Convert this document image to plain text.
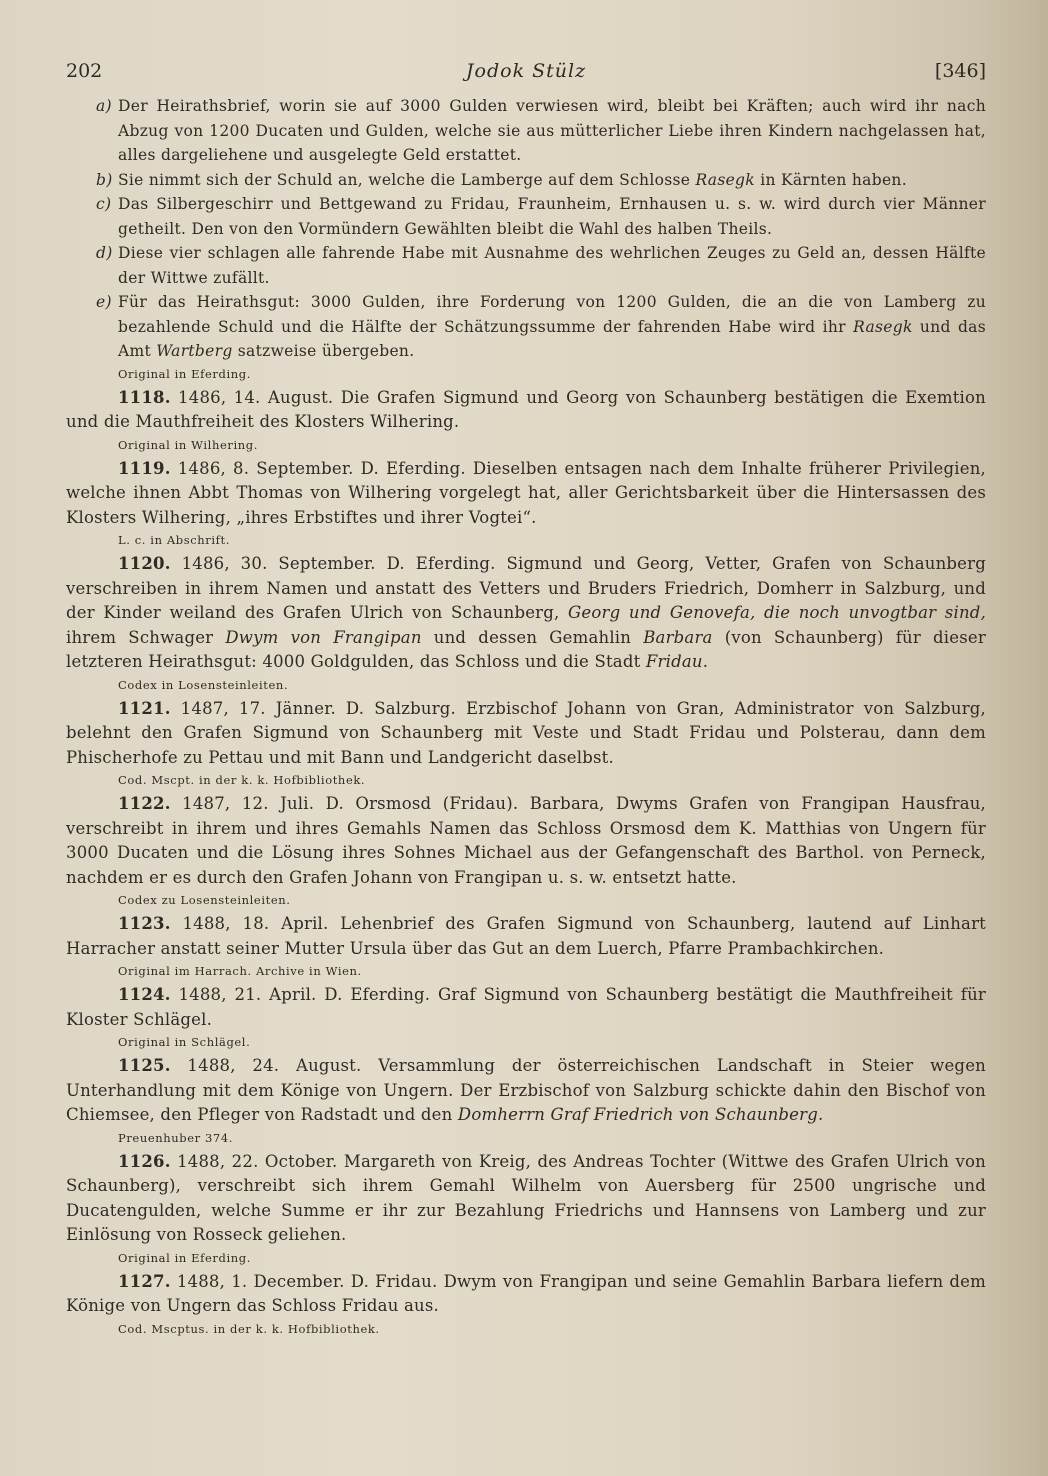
202	Jodok Stülz	[346]
a) Der Heirathsbrief, worin sie auf 3000 Gulden verwiesen wird, bleibt bei Kräften; auch wird ihr nach Abzug von 1200 Ducaten und Gulden, welche sie aus mütterlicher Liebe ihren Kindern nachgelassen hat, alles dargeliehene und ausgelegte Geld erstattet.
b) Sie nimmt sich der Schuld an, welche die Lamberge auf dem Schlosse Rasegk in Kärnten haben.
c) Das Silbergeschirr und Bettgewand zu Fridau, Fraunheim, Ernhausen u. s. w. wird durch vier Männer getheilt. Den von den Vormündern Gewählten bleibt die Wahl des halben Theils.
d) Diese vier schlagen alle fahrende Habe mit Ausnahme des wehrlichen Zeuges zu Geld an, dessen Hälfte der Wittwe zufällt.
e) Für das Heirathsgut: 3000 Gulden, ihre Forderung von 1200 Gulden, die an die von Lamberg zu bezahlende Schuld und die Hälfte der Schätzungssumme der fahrenden Habe wird ihr Rasegk und das Amt Wartberg satzweise übergeben.
Original in Eferding.
1118. 1486, 14. August. Die Grafen Sigmund und Georg von Schaunberg bestätigen die Exemtion und die Mauthfreiheit des Klosters Wilhering.
Original in Wilhering.
1119. 1486, 8. September. D. Eferding. Dieselben entsagen nach dem Inhalte früherer Privilegien, welche ihnen Abbt Thomas von Wilhering vorgelegt hat, aller Gerichtsbarkeit über die Hintersassen des Klosters Wilhering, „ihres Erbstiftes und ihrer Vogtei“.
L. c. in Abschrift.
1120. 1486, 30. September. D. Eferding. Sigmund und Georg, Vetter, Grafen von Schaunberg verschreiben in ihrem Namen und anstatt des Vetters und Bruders Friedrich, Domherr in Salzburg, und der Kinder weiland des Grafen Ulrich von Schaunberg, Georg und Genovefa, die noch unvogtbar sind, ihrem Schwager Dwym von Frangipan und dessen Gemahlin Barbara (von Schaunberg) für dieser letzteren Heirathsgut: 4000 Goldgulden, das Schloss und die Stadt Fridau.
Codex in Losensteinleiten.
1121. 1487, 17. Jänner. D. Salzburg. Erzbischof Johann von Gran, Administrator von Salzburg, belehnt den Grafen Sigmund von Schaunberg mit Veste und Stadt Fridau und Polsterau, dann dem Phischerhofe zu Pettau und mit Bann und Landgericht daselbst.
Cod. Mscpt. in der k. k. Hofbibliothek.
1122. 1487, 12. Juli. D. Orsmosd (Fridau). Barbara, Dwyms Grafen von Frangipan Hausfrau, verschreibt in ihrem und ihres Gemahls Namen das Schloss Orsmosd dem K. Matthias von Ungern für 3000 Ducaten und die Lösung ihres Sohnes Michael aus der Gefangenschaft des Barthol. von Perneck, nachdem er es durch den Grafen Johann von Frangipan u. s. w. entsetzt hatte.
Codex zu Losensteinleiten.
1123. 1488, 18. April. Lehenbrief des Grafen Sigmund von Schaunberg, lautend auf Linhart Harracher anstatt seiner Mutter Ursula über das Gut an dem Luerch, Pfarre Prambachkirchen.
Original im Harrach. Archive in Wien.
1124. 1488, 21. April. D. Eferding. Graf Sigmund von Schaunberg bestätigt die Mauthfreiheit für Kloster Schlägel.
Original in Schlägel.
1125. 1488, 24. August. Versammlung der österreichischen Landschaft in Steier wegen Unterhandlung mit dem Könige von Ungern. Der Erzbischof von Salzburg schickte dahin den Bischof von Chiemsee, den Pfleger von Radstadt und den Domherrn Graf Friedrich von Schaunberg.
Preuenhuber 374.
1126. 1488, 22. October. Margareth von Kreig, des Andreas Tochter (Wittwe des Grafen Ulrich von Schaunberg), verschreibt sich ihrem Gemahl Wilhelm von Auersberg für 2500 ungrische und Ducatengulden, welche Summe er ihr zur Bezahlung Friedrichs und Hannsens von Lamberg und zur Einlösung von Rosseck geliehen.
Original in Eferding.
1127. 1488, 1. December. D. Fridau. Dwym von Frangipan und seine Gemahlin Barbara liefern dem Könige von Ungern das Schloss Fridau aus.
Cod. Mscptus. in der k. k. Hofbibliothek.
